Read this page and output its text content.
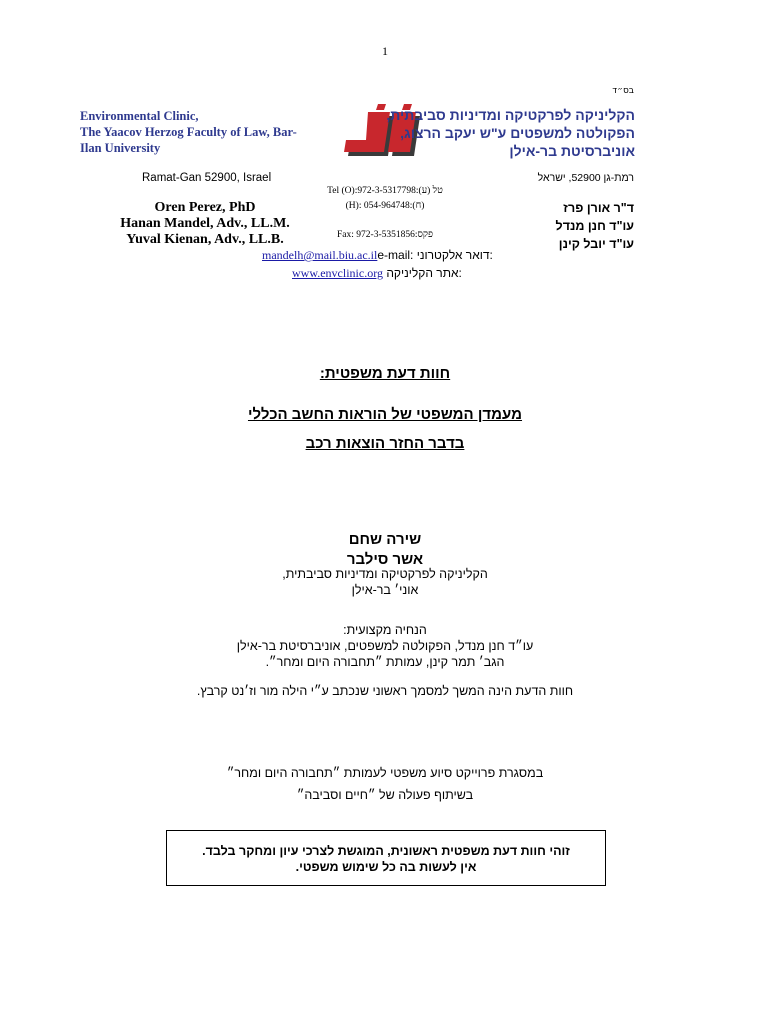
1
בס״ד
Environmental Clinic,
The Yaacov Herzog Faculty of Law, Bar-
Ilan University
הקליניקה לפרקטיקה ומדיניות סביבתית,
הפקולטה למשפטים ע"ש יעקב הרצוג,
אוניברסיטת בר-אילן
Ramat-Gan 52900, Israel	רמת-גן 52900, ישראל
Oren Perez, PhD
Hanan Mandel, Adv., LL.M.
Yuval Kienan, Adv., LL.B.
Tel (O):972-3-5317798:(ע) טל
(H): 054-964748:(ח)
Fax: 972-3-5351856:פקס
ד"ר אורן פרז
עו"ד חנן מנדל
עו"ד יובל קינן
mandelh@mail.biu.ac.ile-mail: דואר אלקטרוני:
www.envclinic.org אתר הקליניקה:
חוות דעת משפטית:
מעמדן המשפטי של הוראות החשב הכללי
בדבר החזר הוצאות רכב
שירה שחם
אשר סילבר
הקליניקה לפרקטיקה ומדיניות סביבתית,
אוני׳ בר-אילן
הנחיה מקצועית:
עו״ד חנן מנדל, הפקולטה למשפטים, אוניברסיטת בר-אילן
הגב׳ תמר קינן, עמותת ״תחבורה היום ומחר״.
חוות הדעת הינה המשך למסמך ראשוני שנכתב ע״י הילה מור וז׳נט קרבץ.
במסגרת פרוייקט סיוע משפטי לעמותת ״תחבורה היום ומחר״
בשיתוף פעולה של ״חיים וסביבה״
זוהי חוות דעת משפטית ראשונית, המוגשת לצרכי עיון ומחקר בלבד.
אין לעשות בה כל שימוש משפטי.
